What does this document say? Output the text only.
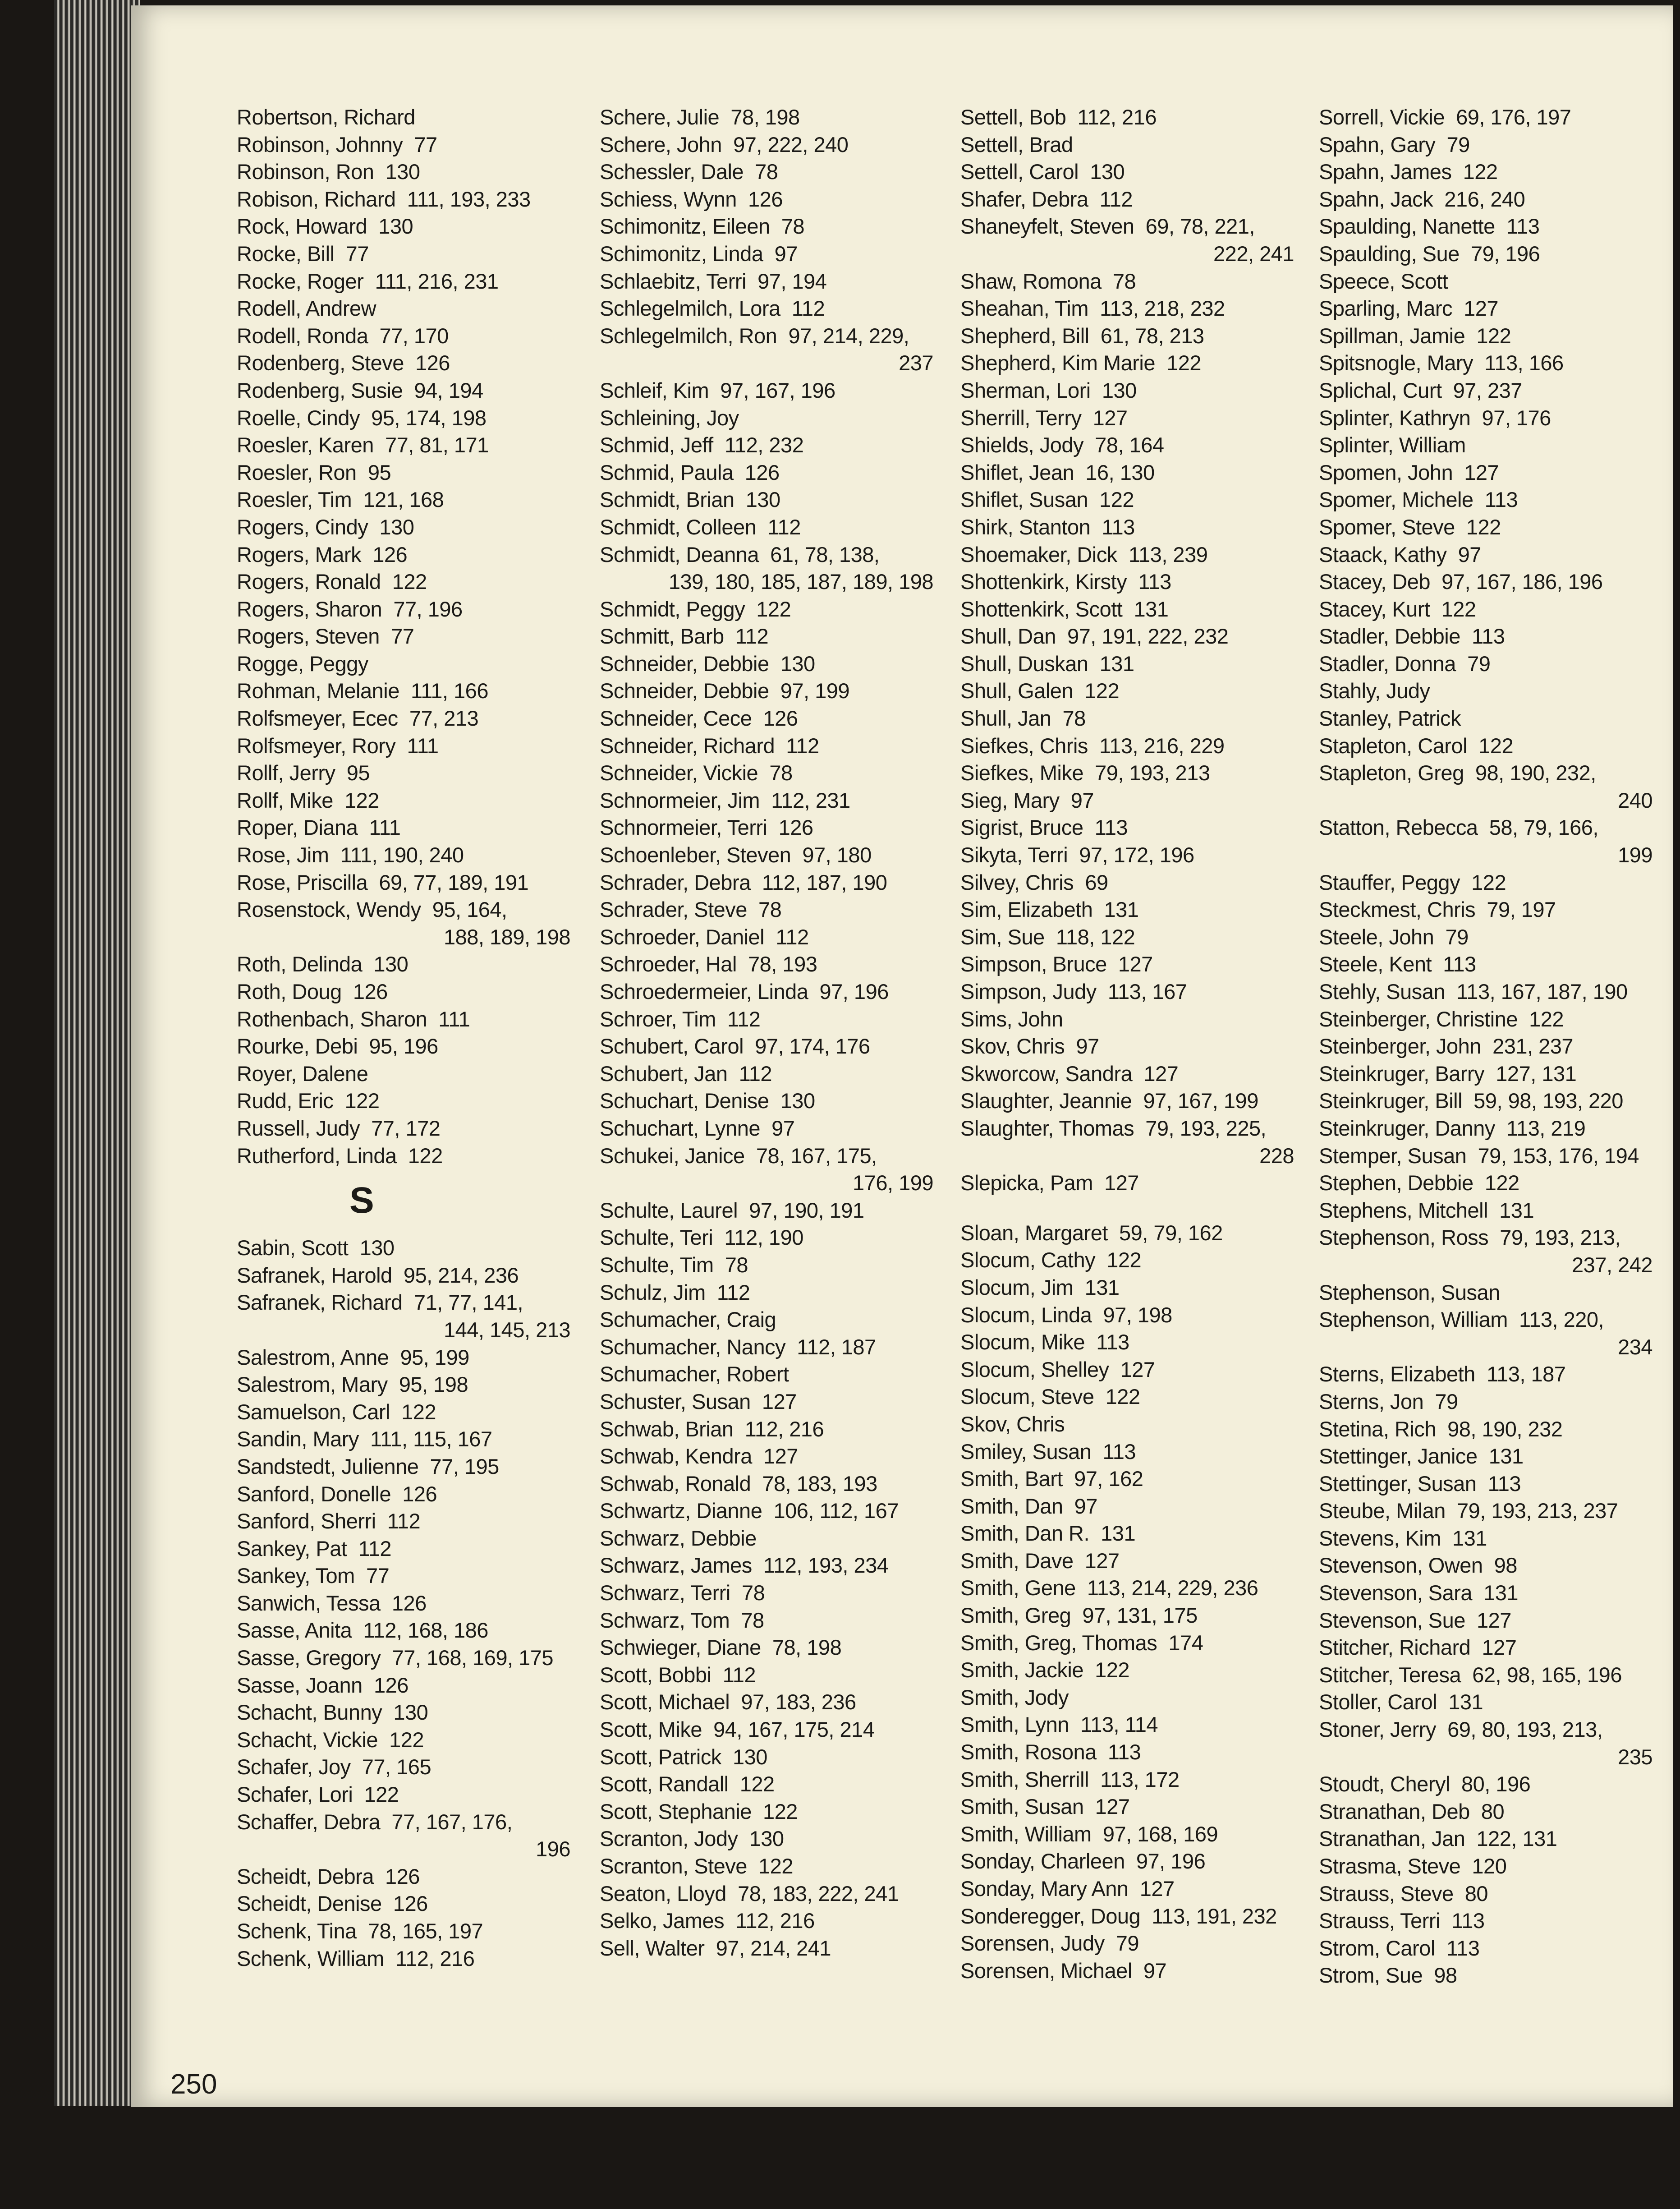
Robertson, Richard
Robinson, Johnny 77
Robinson, Ron 130
Robison, Richard 111, 193, 233
Rock, Howard 130
Rocke, Bill 77
Rocke, Roger 111, 216, 231
Rodell, Andrew
Rodell, Ronda 77, 170
Rodenberg, Steve 126
Rodenberg, Susie 94, 194
Roelle, Cindy 95, 174, 198
Roesler, Karen 77, 81, 171
Roesler, Ron 95
Roesler, Tim 121, 168
Rogers, Cindy 130
Rogers, Mark 126
Rogers, Ronald 122
Rogers, Sharon 77, 196
Rogers, Steven 77
Rogge, Peggy
Rohman, Melanie 111, 166
Rolfsmeyer, Ecec 77, 213
Rolfsmeyer, Rory 111
Rollf, Jerry 95
Rollf, Mike 122
Roper, Diana 111
Rose, Jim 111, 190, 240
Rose, Priscilla 69, 77, 189, 191
Rosenstock, Wendy 95, 164,
188, 189, 198
Roth, Delinda 130
Roth, Doug 126
Rothenbach, Sharon 111
Rourke, Debi 95, 196
Royer, Dalene
Rudd, Eric 122
Russell, Judy 77, 172
Rutherford, Linda 122
S
Sabin, Scott 130
Safranek, Harold 95, 214, 236
Safranek, Richard 71, 77, 141,
144, 145, 213
Salestrom, Anne 95, 199
Salestrom, Mary 95, 198
Samuelson, Carl 122
Sandin, Mary 111, 115, 167
Sandstedt, Julienne 77, 195
Sanford, Donelle 126
Sanford, Sherri 112
Sankey, Pat 112
Sankey, Tom 77
Sanwich, Tessa 126
Sasse, Anita 112, 168, 186
Sasse, Gregory 77, 168, 169, 175
Sasse, Joann 126
Schacht, Bunny 130
Schacht, Vickie 122
Schafer, Joy 77, 165
Schafer, Lori 122
Schaffer, Debra 77, 167, 176,
196
Scheidt, Debra 126
Scheidt, Denise 126
Schenk, Tina 78, 165, 197
Schenk, William 112, 216
Schere, Julie 78, 198
Schere, John 97, 222, 240
Schessler, Dale 78
Schiess, Wynn 126
Schimonitz, Eileen 78
Schimonitz, Linda 97
Schlaebitz, Terri 97, 194
Schlegelmilch, Lora 112
Schlegelmilch, Ron 97, 214, 229,
237
Schleif, Kim 97, 167, 196
Schleining, Joy
Schmid, Jeff 112, 232
Schmid, Paula 126
Schmidt, Brian 130
Schmidt, Colleen 112
Schmidt, Deanna 61, 78, 138,
139, 180, 185, 187, 189, 198
Schmidt, Peggy 122
Schmitt, Barb 112
Schneider, Debbie 130
Schneider, Debbie 97, 199
Schneider, Cece 126
Schneider, Richard 112
Schneider, Vickie 78
Schnormeier, Jim 112, 231
Schnormeier, Terri 126
Schoenleber, Steven 97, 180
Schrader, Debra 112, 187, 190
Schrader, Steve 78
Schroeder, Daniel 112
Schroeder, Hal 78, 193
Schroedermeier, Linda 97, 196
Schroer, Tim 112
Schubert, Carol 97, 174, 176
Schubert, Jan 112
Schuchart, Denise 130
Schuchart, Lynne 97
Schukei, Janice 78, 167, 175,
176, 199
Schulte, Laurel 97, 190, 191
Schulte, Teri 112, 190
Schulte, Tim 78
Schulz, Jim 112
Schumacher, Craig
Schumacher, Nancy 112, 187
Schumacher, Robert
Schuster, Susan 127
Schwab, Brian 112, 216
Schwab, Kendra 127
Schwab, Ronald 78, 183, 193
Schwartz, Dianne 106, 112, 167
Schwarz, Debbie
Schwarz, James 112, 193, 234
Schwarz, Terri 78
Schwarz, Tom 78
Schwieger, Diane 78, 198
Scott, Bobbi 112
Scott, Michael 97, 183, 236
Scott, Mike 94, 167, 175, 214
Scott, Patrick 130
Scott, Randall 122
Scott, Stephanie 122
Scranton, Jody 130
Scranton, Steve 122
Seaton, Lloyd 78, 183, 222, 241
Selko, James 112, 216
Sell, Walter 97, 214, 241
Settell, Bob 112, 216
Settell, Brad
Settell, Carol 130
Shafer, Debra 112
Shaneyfelt, Steven 69, 78, 221,
222, 241
Shaw, Romona 78
Sheahan, Tim 113, 218, 232
Shepherd, Bill 61, 78, 213
Shepherd, Kim Marie 122
Sherman, Lori 130
Sherrill, Terry 127
Shields, Jody 78, 164
Shiflet, Jean 16, 130
Shiflet, Susan 122
Shirk, Stanton 113
Shoemaker, Dick 113, 239
Shottenkirk, Kirsty 113
Shottenkirk, Scott 131
Shull, Dan 97, 191, 222, 232
Shull, Duskan 131
Shull, Galen 122
Shull, Jan 78
Siefkes, Chris 113, 216, 229
Siefkes, Mike 79, 193, 213
Sieg, Mary 97
Sigrist, Bruce 113
Sikyta, Terri 97, 172, 196
Silvey, Chris 69
Sim, Elizabeth 131
Sim, Sue 118, 122
Simpson, Bruce 127
Simpson, Judy 113, 167
Sims, John
Skov, Chris 97
Skworcow, Sandra 127
Slaughter, Jeannie 97, 167, 199
Slaughter, Thomas 79, 193, 225,
228
Slepicka, Pam 127
Sloan, Margaret 59, 79, 162
Slocum, Cathy 122
Slocum, Jim 131
Slocum, Linda 97, 198
Slocum, Mike 113
Slocum, Shelley 127
Slocum, Steve 122
Skov, Chris
Smiley, Susan 113
Smith, Bart 97, 162
Smith, Dan 97
Smith, Dan R. 131
Smith, Dave 127
Smith, Gene 113, 214, 229, 236
Smith, Greg 97, 131, 175
Smith, Greg, Thomas 174
Smith, Jackie 122
Smith, Jody
Smith, Lynn 113, 114
Smith, Rosona 113
Smith, Sherrill 113, 172
Smith, Susan 127
Smith, William 97, 168, 169
Sonday, Charleen 97, 196
Sonday, Mary Ann 127
Sonderegger, Doug 113, 191, 232
Sorensen, Judy 79
Sorensen, Michael 97
Sorrell, Vickie 69, 176, 197
Spahn, Gary 79
Spahn, James 122
Spahn, Jack 216, 240
Spaulding, Nanette 113
Spaulding, Sue 79, 196
Speece, Scott
Sparling, Marc 127
Spillman, Jamie 122
Spitsnogle, Mary 113, 166
Splichal, Curt 97, 237
Splinter, Kathryn 97, 176
Splinter, William
Spomen, John 127
Spomer, Michele 113
Spomer, Steve 122
Staack, Kathy 97
Stacey, Deb 97, 167, 186, 196
Stacey, Kurt 122
Stadler, Debbie 113
Stadler, Donna 79
Stahly, Judy
Stanley, Patrick
Stapleton, Carol 122
Stapleton, Greg 98, 190, 232,
240
Statton, Rebecca 58, 79, 166,
199
Stauffer, Peggy 122
Steckmest, Chris 79, 197
Steele, John 79
Steele, Kent 113
Stehly, Susan 113, 167, 187, 190
Steinberger, Christine 122
Steinberger, John 231, 237
Steinkruger, Barry 127, 131
Steinkruger, Bill 59, 98, 193, 220
Steinkruger, Danny 113, 219
Stemper, Susan 79, 153, 176, 194
Stephen, Debbie 122
Stephens, Mitchell 131
Stephenson, Ross 79, 193, 213,
237, 242
Stephenson, Susan
Stephenson, William 113, 220,
234
Sterns, Elizabeth 113, 187
Sterns, Jon 79
Stetina, Rich 98, 190, 232
Stettinger, Janice 131
Stettinger, Susan 113
Steube, Milan 79, 193, 213, 237
Stevens, Kim 131
Stevenson, Owen 98
Stevenson, Sara 131
Stevenson, Sue 127
Stitcher, Richard 127
Stitcher, Teresa 62, 98, 165, 196
Stoller, Carol 131
Stoner, Jerry 69, 80, 193, 213,
235
Stoudt, Cheryl 80, 196
Stranathan, Deb 80
Stranathan, Jan 122, 131
Strasma, Steve 120
Strauss, Steve 80
Strauss, Terri 113
Strom, Carol 113
Strom, Sue 98
250
